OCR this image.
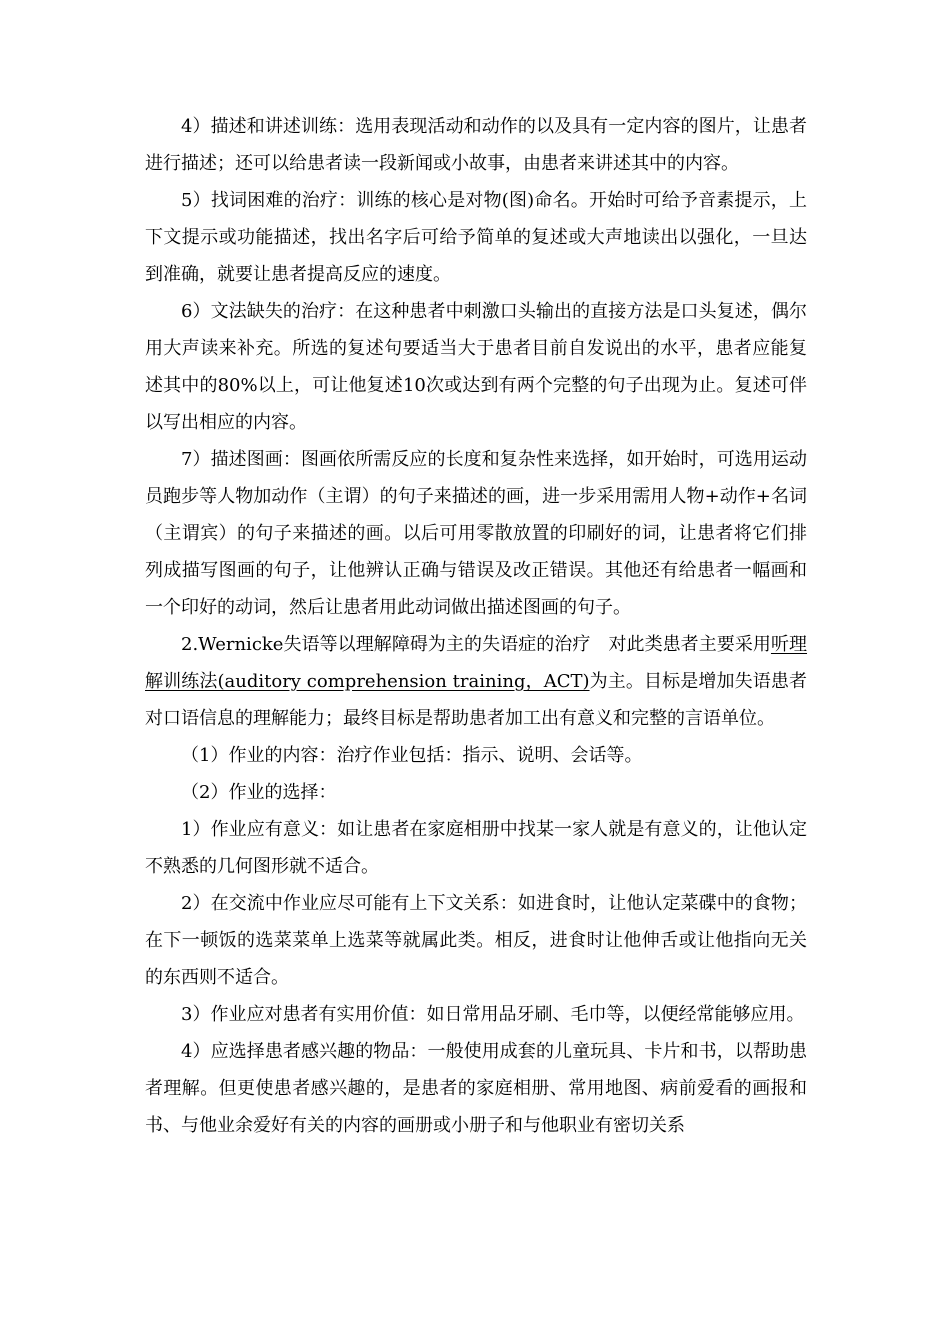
4）描述和讲述训练：选用表现活动和动作的以及具有一定内容的图片，让患者进行描述；还可以给患者读一段新闻或小故事，由患者来讲述其中的内容。

5）找词困难的治疗：训练的核心是对物(图)命名。开始时可给予音素提示，上下文提示或功能描述，找出名字后可给予简单的复述或大声地读出以强化，一旦达到准确，就要让患者提高反应的速度。

6）文法缺失的治疗：在这种患者中刺激口头输出的直接方法是口头复述，偶尔用大声读来补充。所选的复述句要适当大于患者目前自发说出的水平，患者应能复述其中的80%以上，可让他复述10次或达到有两个完整的句子出现为止。复述可伴以写出相应的内容。

7）描述图画：图画依所需反应的长度和复杂性来选择，如开始时，可选用运动员跑步等人物加动作（主谓）的句子来描述的画，进一步采用需用人物+动作+名词（主谓宾）的句子来描述的画。以后可用零散放置的印刷好的词，让患者将它们排列成描写图画的句子，让他辨认正确与错误及改正错误。其他还有给患者一幅画和一个印好的动词，然后让患者用此动词做出描述图画的句子。

2.Wernicke失语等以理解障碍为主的失语症的治疗　对此类患者主要采用听理解训练法(auditory comprehension training，ACT)为主。目标是增加失语患者对口语信息的理解能力；最终目标是帮助患者加工出有意义和完整的言语单位。

（1）作业的内容：治疗作业包括：指示、说明、会话等。

（2）作业的选择：

1）作业应有意义：如让患者在家庭相册中找某一家人就是有意义的，让他认定不熟悉的几何图形就不适合。

2）在交流中作业应尽可能有上下文关系：如进食时，让他认定菜碟中的食物；在下一顿饭的选菜菜单上选菜等就属此类。相反，进食时让他伸舌或让他指向无关的东西则不适合。

3）作业应对患者有实用价值：如日常用品牙刷、毛巾等，以便经常能够应用。

4）应选择患者感兴趣的物品：一般使用成套的儿童玩具、卡片和书，以帮助患者理解。但更使患者感兴趣的，是患者的家庭相册、常用地图、病前爱看的画报和书、与他业余爱好有关的内容的画册或小册子和与他职业有密切关系
